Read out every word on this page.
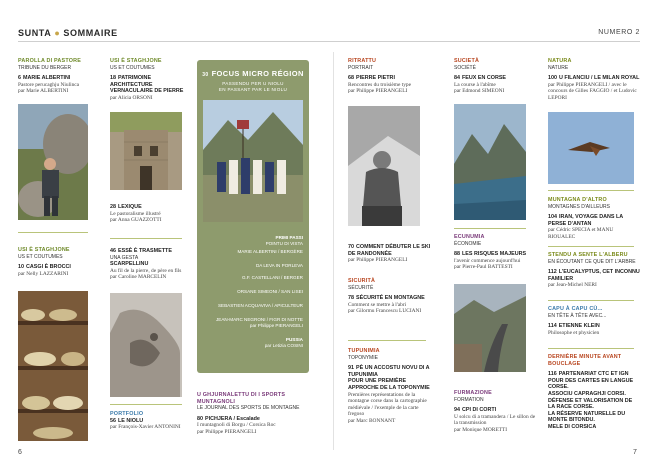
SUNTA ● SOMMAIRE	NUMERO 2
PAROLLA DI PASTORE
TRIBUNE DU BERGER
6 MARIE ALBERTINI
Pastore perucaghju Niulinca
par Marie ALBERTINI
USI È STAGHJONE
US ET COUTUMES
10 CASGI È BROCCI
par Nelly LAZZARINI
6
USI È STAGHJONE
US ET COUTUMES
18 PATRIMOINE ARCHITECTURE VERNACULAIRE DE PIERRE
par Alicia ORSONI
28 LEXIQUE
Le pastoralisme illustré
par Anna GUAZZOTTI
46 ESSÈ È TRASMETTE
UNA GESTA
SCARPELLINU
Au fil de la pierre, de père en fils
par Caroline MARCELIN
PORTFOLIO
56 LE NIOLU
par François-Xavier ANTONINI
30 FOCUS MICRO RÉGION
PASSENDU PER U NIOLU
EN PASSANT PAR LE NIOLU
PRIMI PASSI
POINTU DI VISTA
MARIE ALBERTINI / BERGÈRE
DA LEVA IN PORLEVA
G.F. CASTELLANI / BERGER
ORSANE SIMEONI / SAN LISEI
SEBASTIEN ACQUAVIVA / APICULTEUR
JEAN-MARC NEGRONI / FIGR DI NOTTE
par Philippe PIERANGELI
PUSSIA
par Letizia COSINI
U GHJURNALETTU DI I SPORTS MUNTAGNOLI
LE JOURNAL DES SPORTS DE MONTAGNE
80 PICHJERA / Escalade
I muntagnoli di Borgu / Corsica Roc
par Philippe PIERANGELI
RITRATTU
PORTRAIT
68 PIERRE PIETRI
Rencontres du troisième type
par Philippe PIERANGELI
70 COMMENT DÉBUTER LE SKI DE RANDONNÉE
par Philippe PIERANGELI
SICURITÀ
SÉCURITÉ
78 SÉCURITÉ EN MONTAGNE
Comment se mettre à l'abri
par Gilormu Francescu LUCIANI
TUPUNIMIA
TOPONYMIE
91 PÈ UN ACCOSTU NOVU DI A TUPUNIMIA
POUR UNE PREMIÈRE APPROCHE DE LA TOPONYMIE
Premières représentations de la montagne corse dans la cartographie médiévale / l'exemple de la carte fregoso
par Marc BONNANT
SUCIETÀ
SOCIÉTÉ
84 FEUX EN CORSE
La course à l'abîme
par Edmond SIMEONI
ECUNUMIA
ÉCONOMIE
88 LES RISQUES MAJEURS
l'avenir commence aujourd'hui
par Pierre-Paul BATTESTI
FURMAZIONE
FORMATION
94 CPI DI CORTI
U solcu di a tramandera / Le sillon de la transmission
par Monique MORETTI
NATURA
NATURE
100 U FILANCIU / LE MILAN ROYAL
par Philippe PIERANGELI / avec le concours de Gilles FAGGIO / et Ludovic LEPORI
MUNTAGNA D'ALTRO
MONTAGNES D'AILLEURS
104 IRAN, VOYAGE DANS LA PERSE D'ANTAN
par Cédric SPECIA et MANU RIOUALEC
STENDU A SENTE L'ALBERU
EN ÉCOUTANT CE QUE DIT L'ARBRE
112 L'EUCALYPTUS, CET INCONNU FAMILIER
par Jean-Michel NERI
CAPU À CAPU CÙ...
EN TÊTE À TÊTE AVEC...
114 ETIENNE KLEIN
Philosophe et physicien
DERNIÈRE MINUTE AVANT BOUCLAGE
116 PARTENARIAT CTC ET IGN POUR DES CARTES EN LANGUE CORSE.
ASSOCIU CAPRAGHJI CORSI.
DÉFENSE ET VALORISATION DE LA RACE CORSE.
LA RÉSERVE NATURELLE DU MONTE BITONDU.
MELE DI CORSICA
7
